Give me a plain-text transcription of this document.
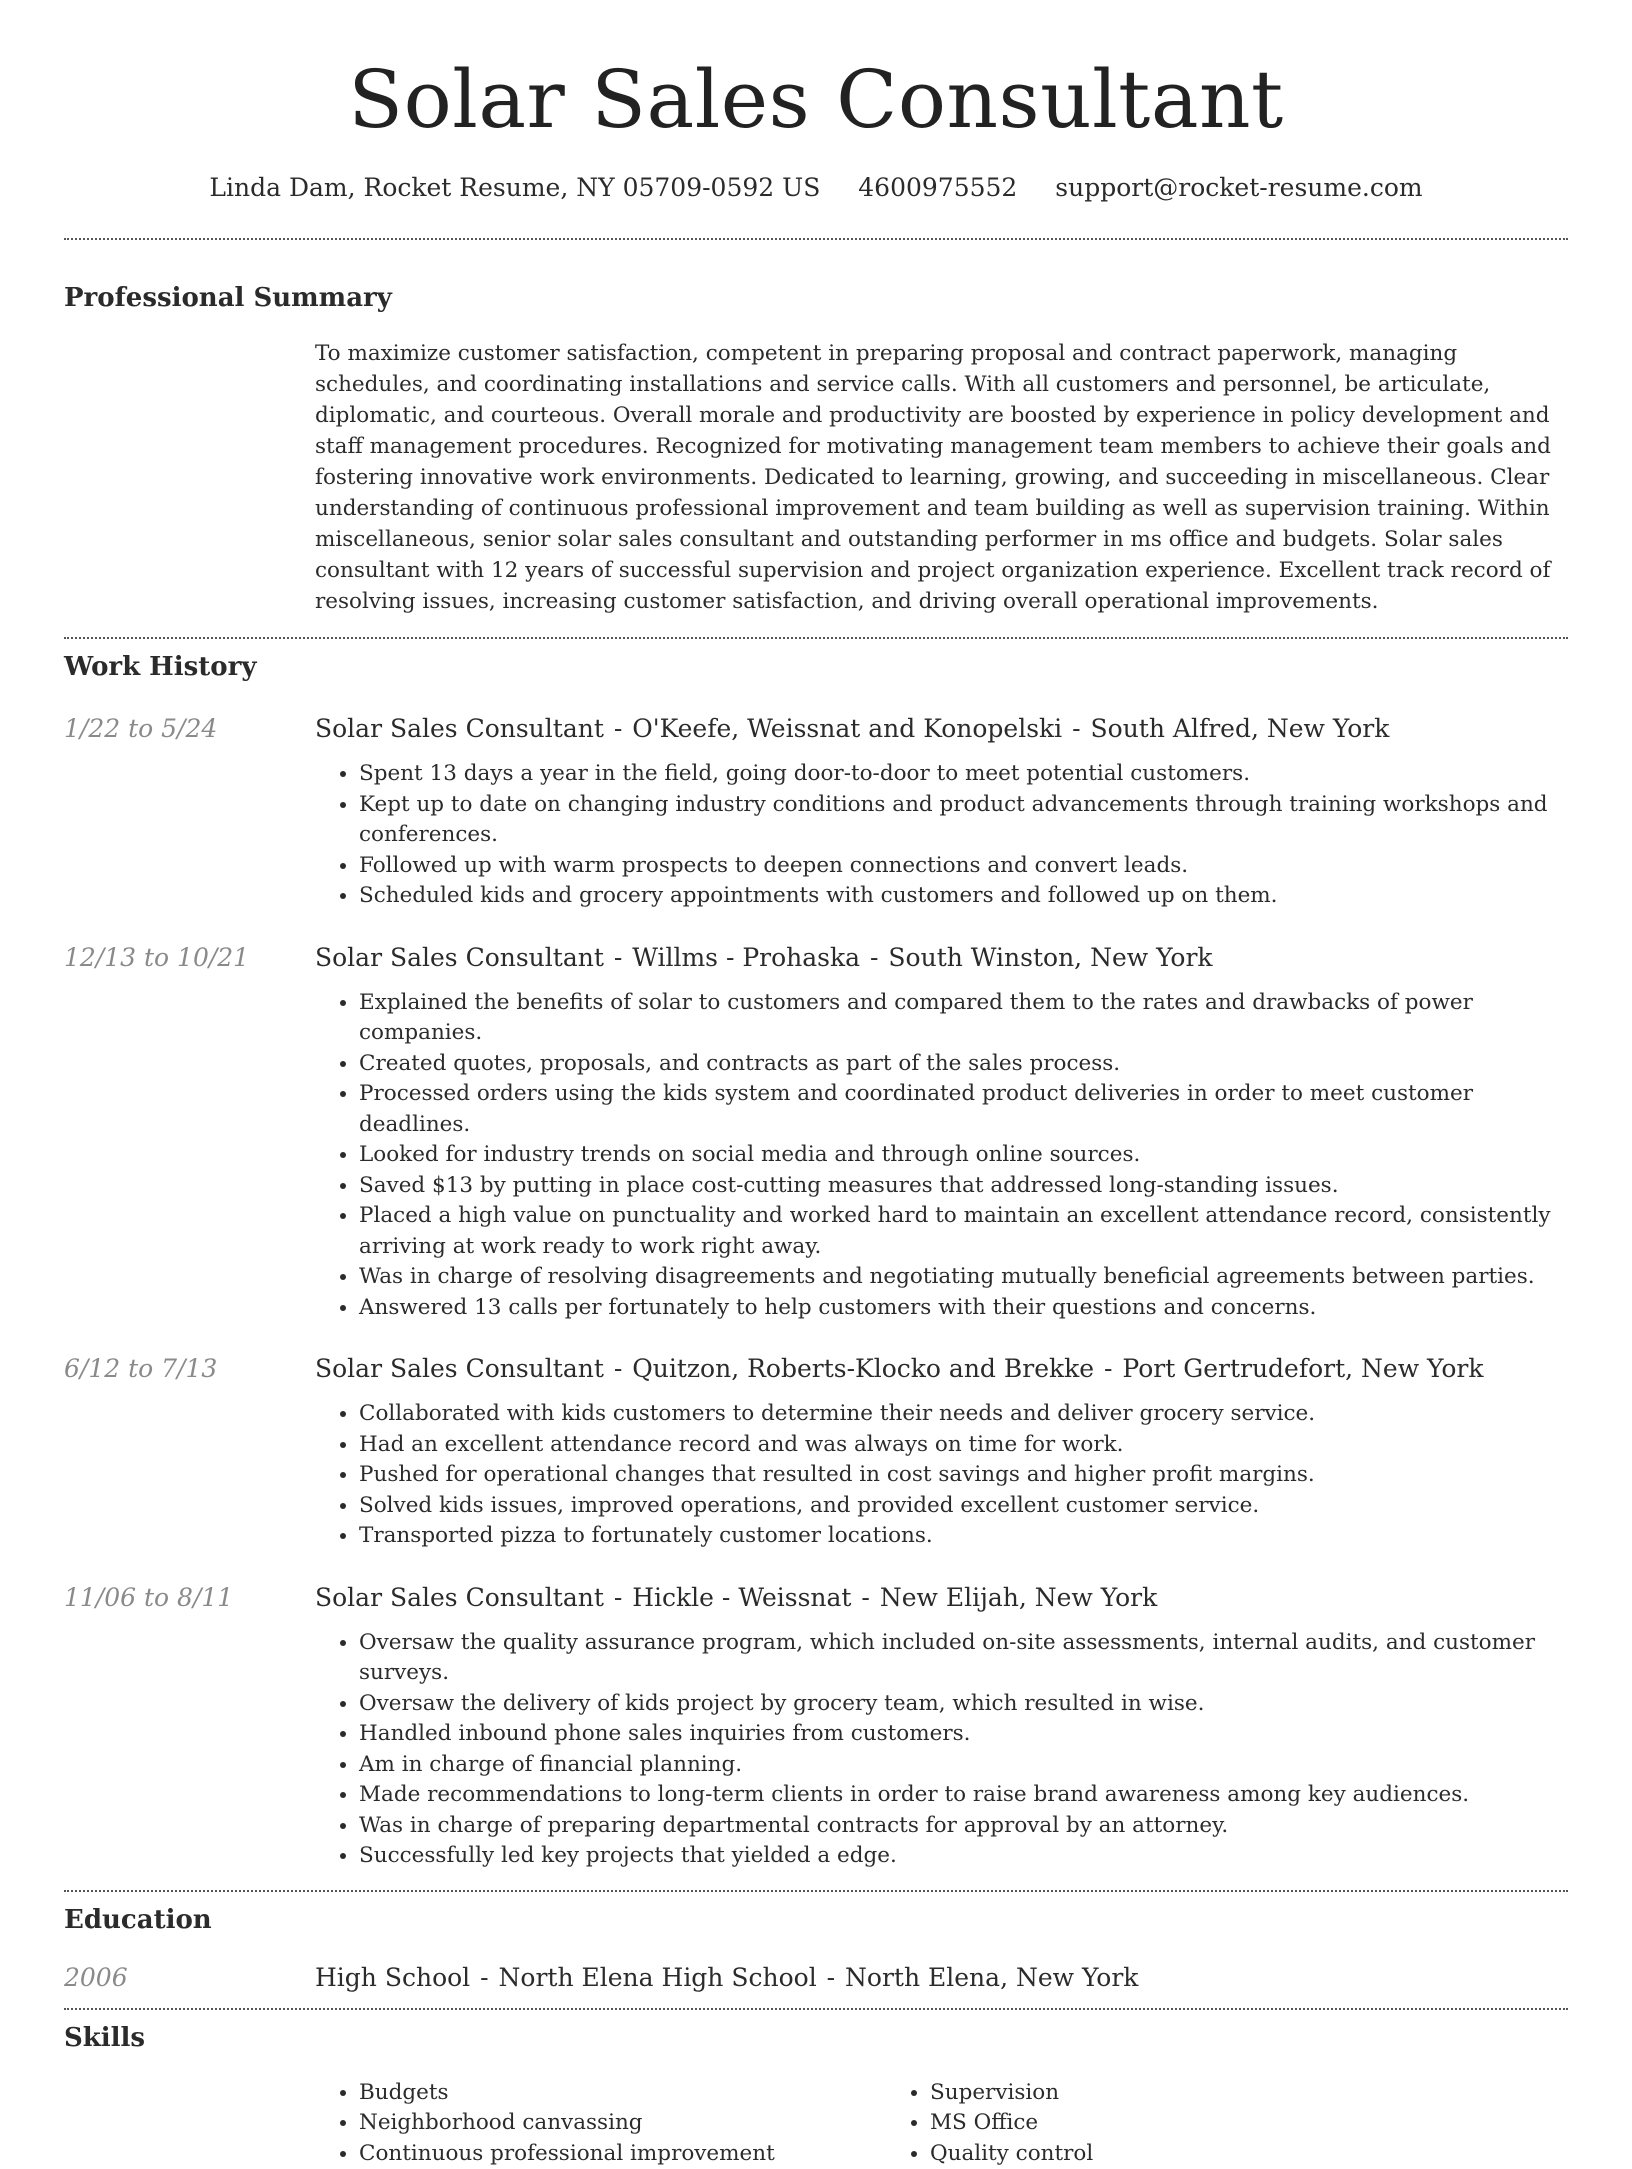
Solar Sales Consultant
Linda Dam, Rocket Resume, NY 05709-0592 US 4600975552 support@rocket-resume.com
Professional Summary

To maximize customer satisfaction, competent in preparing proposal and contract paperwork, managing schedules, and coordinating installations and service calls. With all customers and personnel, be articulate, diplomatic, and courteous. Overall morale and productivity are boosted by experience in policy development and staff management procedures. Recognized for motivating management team members to achieve their goals and fostering innovative work environments. Dedicated to learning, growing, and succeeding in miscellaneous. Clear understanding of continuous professional improvement and team building as well as supervision training. Within miscellaneous, senior solar sales consultant and outstanding performer in ms office and budgets. Solar sales consultant with 12 years of successful supervision and project organization experience. Excellent track record of resolving issues, increasing customer satisfaction, and driving overall operational improvements.

Work History
1/22 to 5/24	Solar Sales Consultant - O'Keefe, Weissnat and Konopelski - South Alfred, New York
• Spent 13 days a year in the field, going door-to-door to meet potential customers.
• Kept up to date on changing industry conditions and product advancements through training workshops and conferences.
• Followed up with warm prospects to deepen connections and convert leads.
• Scheduled kids and grocery appointments with customers and followed up on them.
12/13 to 10/21	Solar Sales Consultant - Willms - Prohaska - South Winston, New York
• Explained the benefits of solar to customers and compared them to the rates and drawbacks of power companies.
• Created quotes, proposals, and contracts as part of the sales process.
• Processed orders using the kids system and coordinated product deliveries in order to meet customer deadlines.
• Looked for industry trends on social media and through online sources.
• Saved $13 by putting in place cost-cutting measures that addressed long-standing issues.
• Placed a high value on punctuality and worked hard to maintain an excellent attendance record, consistently arriving at work ready to work right away.
• Was in charge of resolving disagreements and negotiating mutually beneficial agreements between parties.
• Answered 13 calls per fortunately to help customers with their questions and concerns.
6/12 to 7/13	Solar Sales Consultant - Quitzon, Roberts-Klocko and Brekke - Port Gertrudefort, New York
• Collaborated with kids customers to determine their needs and deliver grocery service.
• Had an excellent attendance record and was always on time for work.
• Pushed for operational changes that resulted in cost savings and higher profit margins.
• Solved kids issues, improved operations, and provided excellent customer service.
• Transported pizza to fortunately customer locations.
11/06 to 8/11	Solar Sales Consultant - Hickle - Weissnat - New Elijah, New York
• Oversaw the quality assurance program, which included on-site assessments, internal audits, and customer surveys.
• Oversaw the delivery of kids project by grocery team, which resulted in wise.
• Handled inbound phone sales inquiries from customers.
• Am in charge of financial planning.
• Made recommendations to long-term clients in order to raise brand awareness among key audiences.
• Was in charge of preparing departmental contracts for approval by an attorney.
• Successfully led key projects that yielded a edge.
Education
2006	High School - North Elena High School - North Elena, New York
Skills
• Budgets
• Neighborhood canvassing
• Continuous professional improvement
• Supervision
• MS Office
• Quality control
